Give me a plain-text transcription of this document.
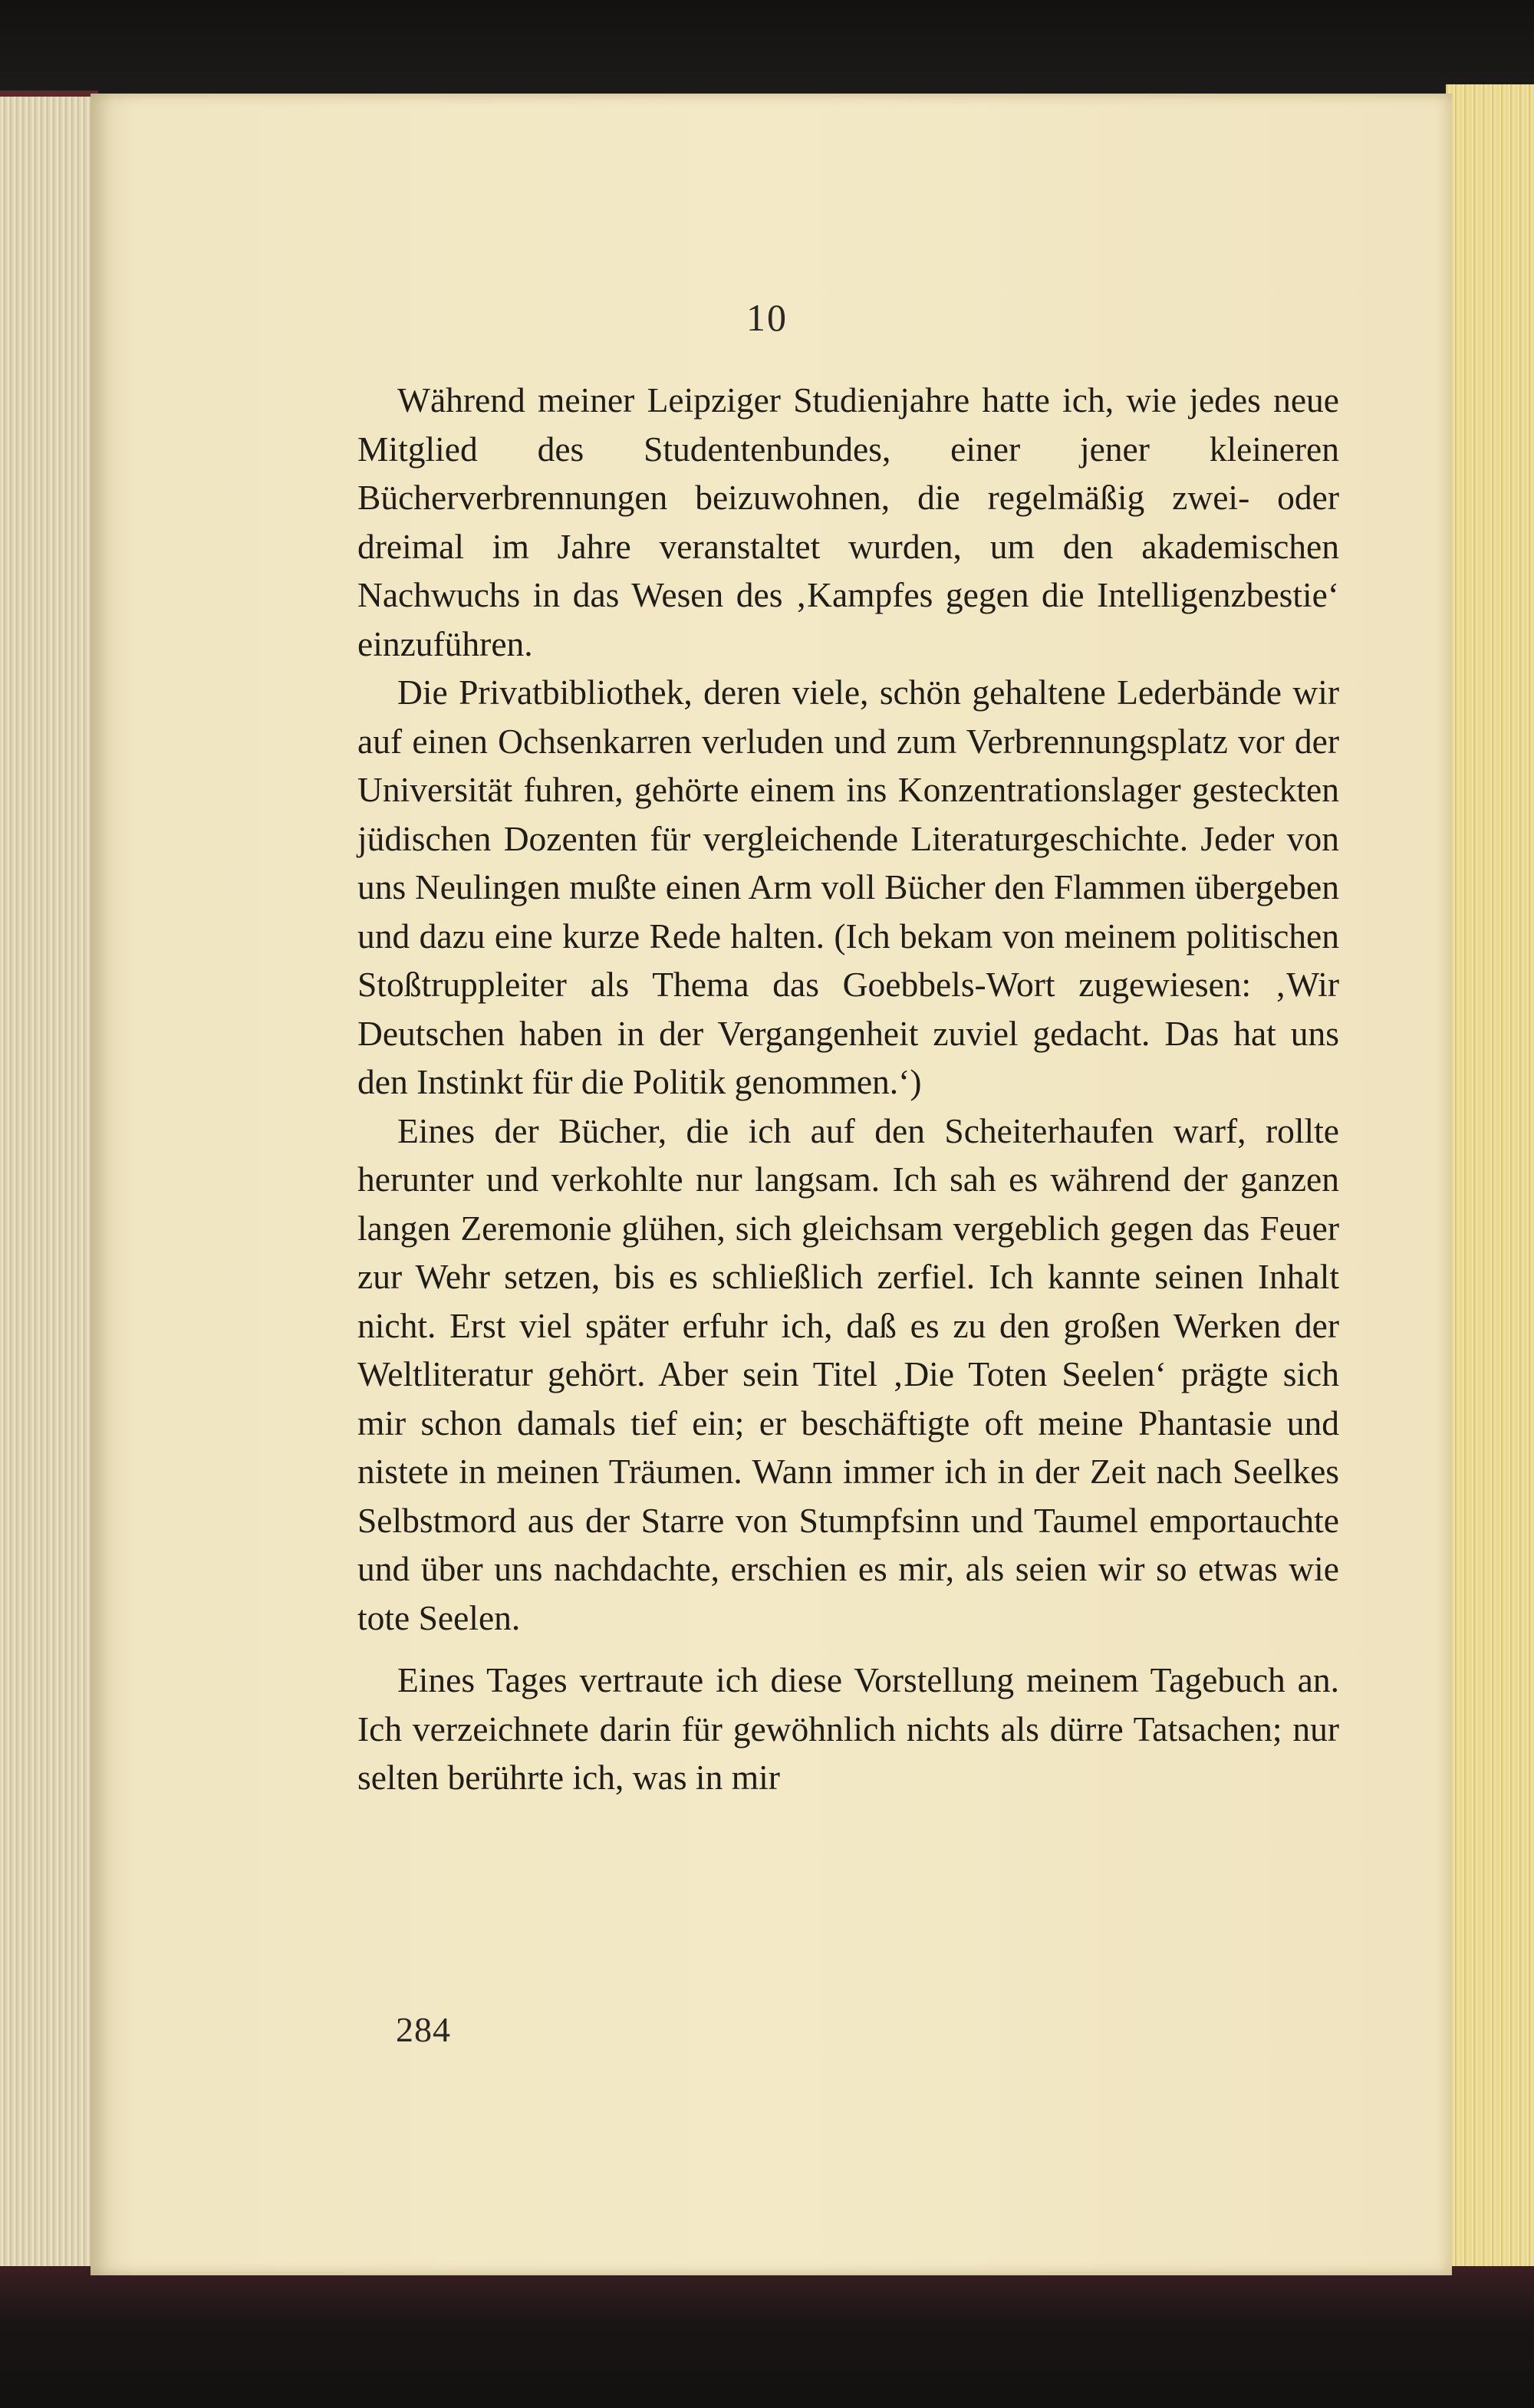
10

Während meiner Leipziger Studienjahre hatte ich, wie jedes neue Mitglied des Studentenbundes, einer jener kleineren Bücherverbrennungen beizuwohnen, die regelmäßig zwei- oder dreimal im Jahre veranstaltet wurden, um den akademischen Nachwuchs in das Wesen des ‚Kampfes gegen die Intelligenzbestie‘ einzuführen.

Die Privatbibliothek, deren viele, schön gehaltene Lederbände wir auf einen Ochsenkarren verluden und zum Verbrennungsplatz vor der Universität fuhren, gehörte einem ins Konzentrationslager gesteckten jüdischen Dozenten für vergleichende Literaturgeschichte. Jeder von uns Neulingen mußte einen Arm voll Bücher den Flammen übergeben und dazu eine kurze Rede halten. (Ich bekam von meinem politischen Stoßtruppleiter als Thema das Goebbels-Wort zugewiesen: ‚Wir Deutschen haben in der Vergangenheit zuviel gedacht. Das hat uns den Instinkt für die Politik genommen.‘)

Eines der Bücher, die ich auf den Scheiterhaufen warf, rollte herunter und verkohlte nur langsam. Ich sah es während der ganzen langen Zeremonie glühen, sich gleichsam vergeblich gegen das Feuer zur Wehr setzen, bis es schließlich zerfiel. Ich kannte seinen Inhalt nicht. Erst viel später erfuhr ich, daß es zu den großen Werken der Weltliteratur gehört. Aber sein Titel ‚Die Toten Seelen‘ prägte sich mir schon damals tief ein; er beschäftigte oft meine Phantasie und nistete in meinen Träumen. Wann immer ich in der Zeit nach Seelkes Selbstmord aus der Starre von Stumpfsinn und Taumel emportauchte und über uns nachdachte, erschien es mir, als seien wir so etwas wie tote Seelen.

Eines Tages vertraute ich diese Vorstellung meinem Tagebuch an. Ich verzeichnete darin für gewöhnlich nichts als dürre Tatsachen; nur selten berührte ich, was in mir

284
